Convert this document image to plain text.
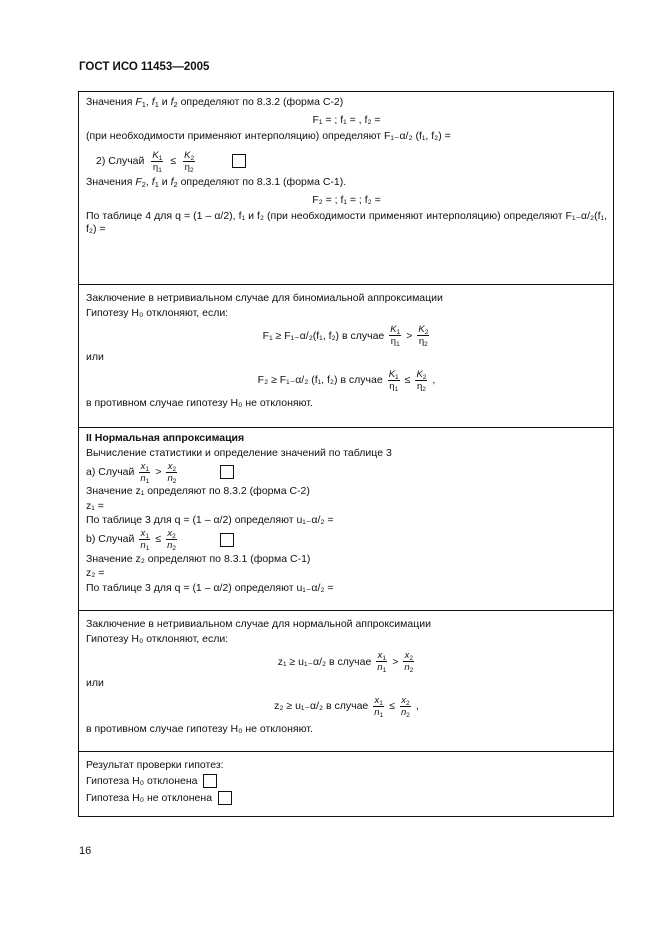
ГОСТ ИСО 11453—2005
Значения $F_1$, $f_1$ и $f_2$ определяют по 8.3.2 (форма С-2)
F₁ = ; f₁ = , f₂ =
(при необходимости применяют интерполяцию) определяют F₁₋α/₂ (f₁, f₂) =
2) Случай $\frac{K_1}{\eta_1} \le \frac{K_2}{\eta_2}$
Значения $F_2$, $f_1$ и $f_2$ определяют по 8.3.1 (форма С-1).
F₂ = ; f₁ = ; f₂ =
По таблице 4 для q = (1 – α/2), f₁ и f₂ (при необходимости применяют интерполяцию) определяют F₁₋α/₂(f₁, f₂) =
Заключение в нетривиальном случае для биномиальной аппроксимации
Гипотезу H₀ отклоняют, если:
F₁ ≥ F₁₋α/₂(f₁, f₂) в случае $\frac{K_1}{\eta_1} > \frac{K_2}{\eta_2}$
или
F₂ ≥ F₁₋α/₂ (f₁, f₂) в случае $\frac{K_1}{\eta_1} \le \frac{K_2}{\eta_2}$ ,
в противном случае гипотезу H₀ не отклоняют.
II Нормальная аппроксимация
Вычисление статистики и определение значений по таблице 3
а) Случай $\frac{x_1}{n_1} > \frac{x_2}{n_2}$
Значение z₁ определяют по 8.3.2 (форма С-2)
z₁ =
По таблице 3 для q = (1 – α/2) определяют u₁₋α/₂ =
b) Случай $\frac{x_1}{n_1} \le \frac{x_2}{n_2}$
Значение z₂ определяют по 8.3.1 (форма С-1)
z₂ =
По таблице 3 для q = (1 – α/2) определяют u₁₋α/₂ =
Заключение в нетривиальном случае для нормальной аппроксимации
Гипотезу H₀ отклоняют, если:
z₁ ≥ u₁₋α/₂ в случае $\frac{x_1}{n_1} > \frac{x_2}{n_2}$
или
z₂ ≥ u₁₋α/₂ в случае $\frac{x_1}{n_1} \le \frac{x_2}{n_2}$ ,
в противном случае гипотезу H₀ не отклоняют.
Результат проверки гипотез:
Гипотеза H₀ отклонена
Гипотеза H₀ не отклонена
16
